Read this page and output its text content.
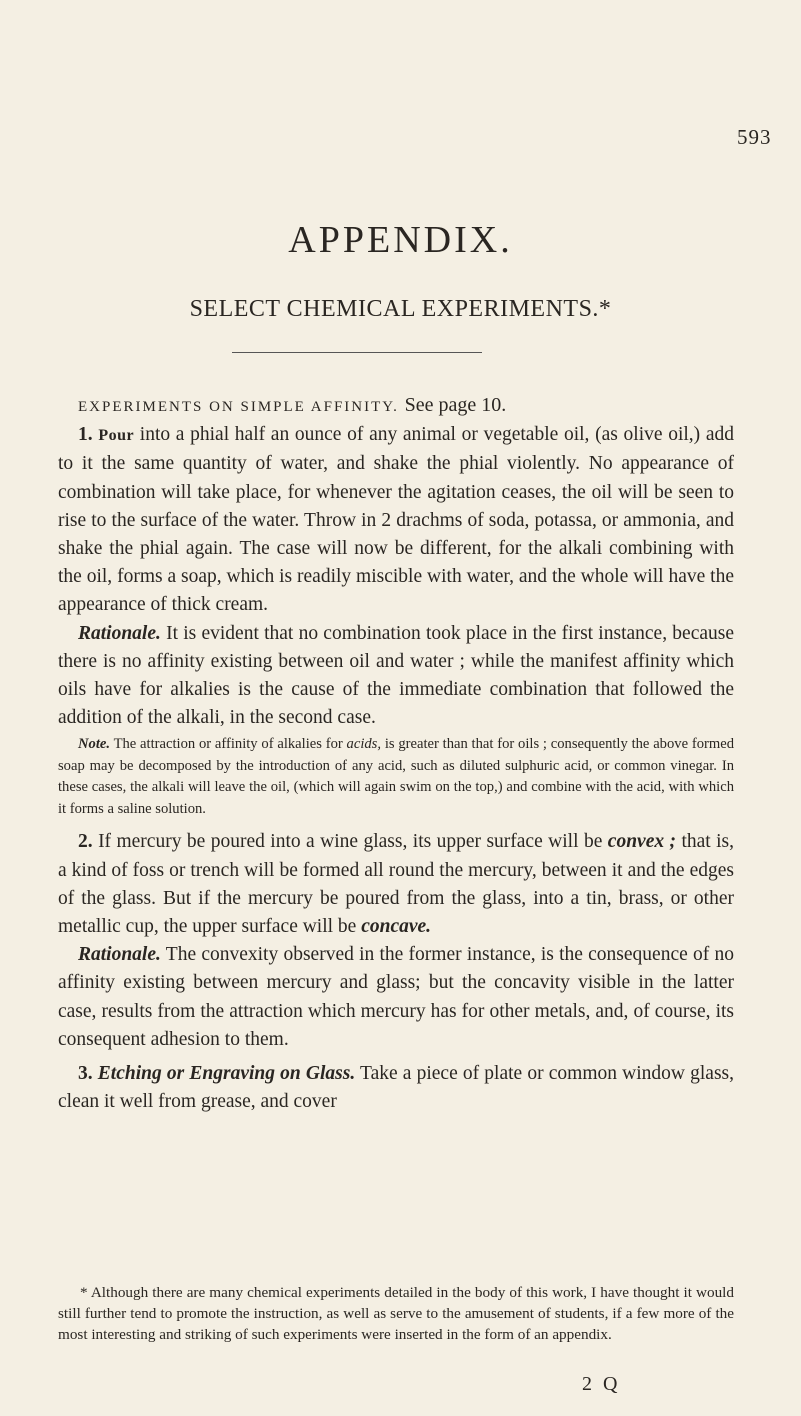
593
APPENDIX.
SELECT CHEMICAL EXPERIMENTS.*

EXPERIMENTS ON SIMPLE AFFINITY. See page 10.

1. Pour into a phial half an ounce of any animal or vegetable oil, (as olive oil,) add to it the same quantity of water, and shake the phial violently. No appearance of combination will take place, for whenever the agitation ceases, the oil will be seen to rise to the surface of the water. Throw in 2 drachms of soda, potassa, or ammonia, and shake the phial again. The case will now be different, for the alkali combining with the oil, forms a soap, which is readily miscible with water, and the whole will have the appearance of thick cream.

Rationale. It is evident that no combination took place in the first instance, because there is no affinity existing between oil and water ; while the manifest affinity which oils have for alkalies is the cause of the immediate combination that followed the addition of the alkali, in the second case.

Note. The attraction or affinity of alkalies for acids, is greater than that for oils ; consequently the above formed soap may be decomposed by the introduction of any acid, such as diluted sulphuric acid, or common vinegar. In these cases, the alkali will leave the oil, (which will again swim on the top,) and combine with the acid, with which it forms a saline solution.

2. If mercury be poured into a wine glass, its upper surface will be convex ; that is, a kind of foss or trench will be formed all round the mercury, between it and the edges of the glass. But if the mercury be poured from the glass, into a tin, brass, or other metallic cup, the upper surface will be concave.

Rationale. The convexity observed in the former instance, is the consequence of no affinity existing between mercury and glass; but the concavity visible in the latter case, results from the attraction which mercury has for other metals, and, of course, its consequent adhesion to them.

3. Etching or Engraving on Glass. Take a piece of plate or common window glass, clean it well from grease, and cover

* Although there are many chemical experiments detailed in the body of this work, I have thought it would still further tend to promote the instruction, as well as serve to the amusement of students, if a few more of the most interesting and striking of such experiments were inserted in the form of an appendix.

2 Q
